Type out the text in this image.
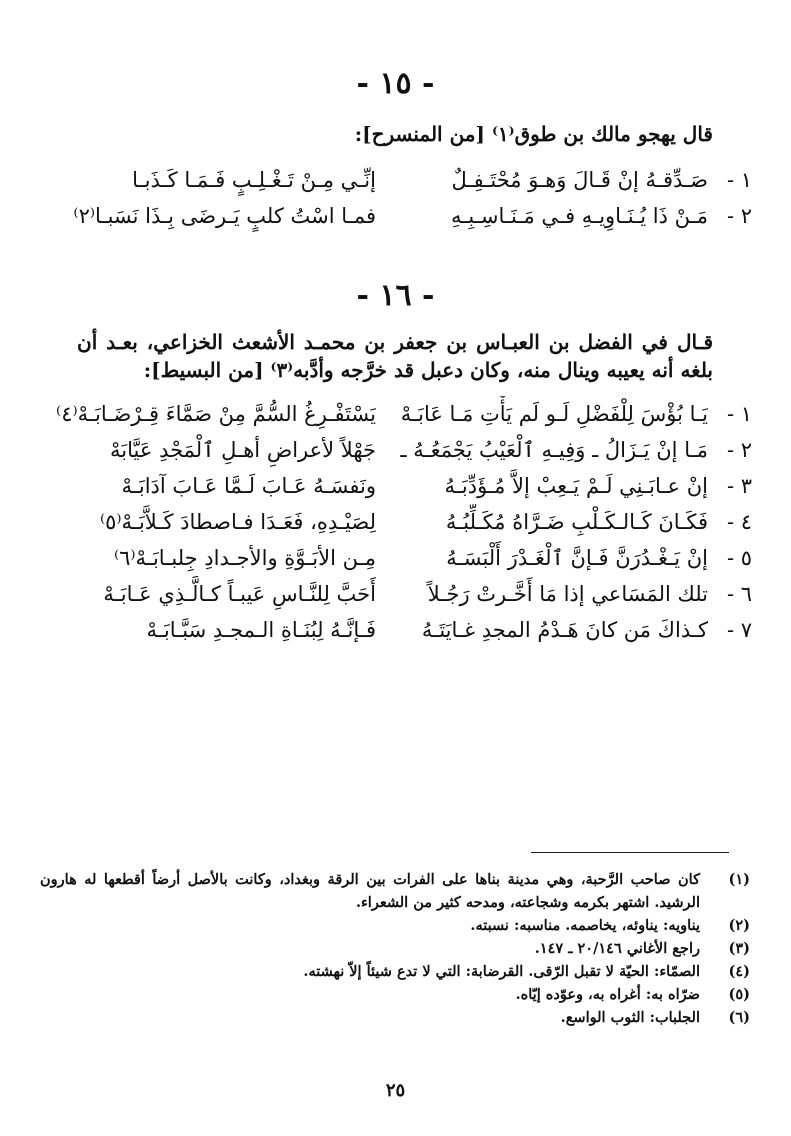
- ١٥ -
قال يهجو مالك بن طوق⁽١⁾ [من المنسرح]:
١ -
صَـدِّقـهُ إنْ قَـالَ وَهـوَ مُحْتَـفِـلٌ
إنِّـي مِـنْ تَـغْـلِـبٍ فَـمَـا كَـذَبـا
٢ -
مَـنْ ذَا يُـنَـاوِيـهِ فـي مَـنَـاسِـبِـهِ
فمـا اسْتُ كلبٍ يَـرضَى بِـذَا نَسَبـا⁽٢⁾
- ١٦ -
قـال في الفضل بن العبـاس بن جعفر بن محمـد الأشعث الخزاعي، بعـد أن بلغه أنه يعيبه وينال منه، وكان دعبل قد خرَّجه وأدَّبه⁽٣⁾ [من البسيط]:
١ -
يَـا بُؤْسَ لِلْفَضْلِ لَـو لَم يَأْتِ مَـا عَابَـهْ
يَسْتَفْـرِغُ السُّمَّ مِنْ صَمَّاءَ قِـرْضَـابَـهْ⁽٤⁾
٢ -
مَـا إنْ يَـزَالُ ـ وَفِيـهِ ٱلْعَيْبُ يَجْمَعُـهُ ـ
جَهْلاً لأعراضِ أهـلِ ٱلْمَجْدِ عَيَّابَهْ
٣ -
إنْ عـابَـنِي لَـمْ يَـعِبْ إلاَّ مُـؤَدِّبَـهُ
ونَفسَـهُ عَـابَ لَـمَّا عَـابَ آدَابَـهْ
٤ -
فَكَـانَ كَـالـكَـلْبِ ضَـرَّاهُ مُكَـلِّبُـهُ
لِصَيْـدِهِ، فَعَـدَا فـاصطادَ كَـلاَّبَـهْ⁽٥⁾
٥ -
إنْ يَـغْـدُرَنَّ فَـإنَّ ٱلْغَـدْرَ أَلْبَسَـهُ
مِـن الأبَـوَّةِ والأجـدادِ جِلبـابَـهْ⁽٦⁾
٦ -
تلك المَسَاعي إذا مَا أَخَّـرتْ رَجُـلاً
أَحَبَّ لِلنَّـاسِ عَيبـاً كـالَّـذِي عَـابَـهْ
٧ -
كـذاكَ مَن كانَ هَـدْمُ المجدِ غـايَتَـهُ
فَـإنَّـهُ لِبُنَـاةِ الـمجـدِ سَبَّـابَـهْ
(١)
كان صاحب الرَّحبة، وهي مدينة بناها على الفرات بين الرقة وبغداد، وكانت بالأصل أرضاً أقطعها له هارون الرشيد. اشتهر بكرمه وشجاعته، ومدحه كثير من الشعراء.
(٢)
يناويه: يناوئه، يخاصمه. مناسبه: نسبته.
(٣)
راجع الأغاني ٢٠/١٤٦ ـ ١٤٧.
(٤)
الصمّاء: الحيّة لا تقبل الرّقى. القرضابة: التي لا تدع شيئاً إلاّ نهشته.
(٥)
ضرّاه به: أغراه به، وعوّده إيّاه.
(٦)
الجلباب: الثوب الواسع.
٢٥
